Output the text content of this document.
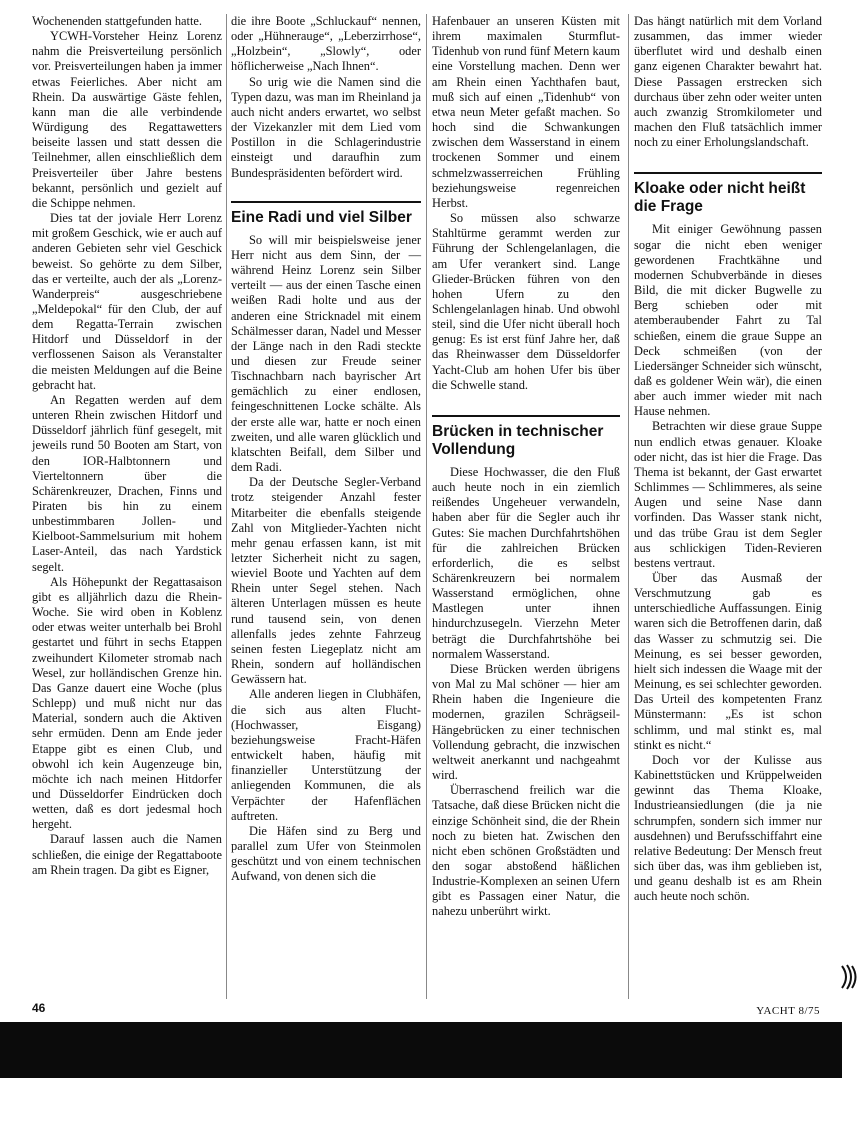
Wochenenden stattgefunden hatte.

YCWH-Vorsteher Heinz Lorenz nahm die Preisverteilung persönlich vor. Preisverteilungen haben ja immer etwas Feierliches. Aber nicht am Rhein. Da auswärtige Gäste fehlen, kann man die alle verbindende Würdigung des Regattawetters beiseite lassen und statt dessen die Teilnehmer, allen einschließlich dem Preisverteiler über Jahre bestens bekannt, persönlich und gezielt auf die Schippe nehmen.

Dies tat der joviale Herr Lorenz mit großem Geschick, wie er auch auf anderen Gebieten sehr viel Geschick beweist. So gehörte zu dem Silber, das er verteilte, auch der als „Lorenz-Wanderpreis“ ausgeschriebene „Meldepokal“ für den Club, der auf dem Regatta-Terrain zwischen Hitdorf und Düsseldorf in der verflossenen Saison als Veranstalter die meisten Meldungen auf die Beine gebracht hat.

An Regatten werden auf dem unteren Rhein zwischen Hitdorf und Düsseldorf jährlich fünf gesegelt, mit jeweils rund 50 Booten am Start, von den IOR-Halbtonnern und Vierteltonnern über die Schärenkreuzer, Drachen, Finns und Piraten bis hin zu einem unbestimmbaren Jollen- und Kielboot-Sammelsurium mit hohem Laser-Anteil, das nach Yardstick segelt.

Als Höhepunkt der Regattasaison gibt es alljährlich dazu die Rhein-Woche. Sie wird oben in Koblenz oder etwas weiter unterhalb bei Brohl gestartet und führt in sechs Etappen zweihundert Kilometer stromab nach Wesel, zur holländischen Grenze hin. Das Ganze dauert eine Woche (plus Schlepp) und muß nicht nur das Material, sondern auch die Aktiven sehr ermüden. Denn am Ende jeder Etappe gibt es einen Club, und obwohl ich kein Augenzeuge bin, möchte ich nach meinen Hitdorfer und Düsseldorfer Eindrücken doch wetten, daß es dort jedesmal hoch hergeht.

Darauf lassen auch die Namen schließen, die einige der Regattaboote am Rhein tragen. Da gibt es Eigner,

die ihre Boote „Schluckauf“ nennen, oder „Hühnerauge“, „Leberzirrhose“, „Holzbein“, „Slowly“, oder höflicherweise „Nach Ihnen“.

So urig wie die Namen sind die Typen dazu, was man im Rheinland ja auch nicht anders erwartet, wo selbst der Vizekanzler mit dem Lied vom Postillon in die Schlagerindustrie einsteigt und daraufhin zum Bundespräsidenten befördert wird.

Eine Radi und viel Silber

So will mir beispielsweise jener Herr nicht aus dem Sinn, der — während Heinz Lorenz sein Silber verteilt — aus der einen Tasche einen weißen Radi holte und aus der anderen eine Stricknadel mit einem Schälmesser daran, Nadel und Messer der Länge nach in den Radi steckte und diesen zur Freude seiner Tischnachbarn nach bayrischer Art gemächlich zu einer endlosen, feingeschnittenen Locke schälte. Als der erste alle war, hatte er noch einen zweiten, und alle waren glücklich und klatschten Beifall, dem Silber und dem Radi.

Da der Deutsche Segler-Verband trotz steigender Anzahl fester Mitarbeiter die ebenfalls steigende Zahl von Mitglieder-Yachten nicht mehr genau erfassen kann, ist mit letzter Sicherheit nicht zu sagen, wieviel Boote und Yachten auf dem Rhein unter Segel stehen. Nach älteren Unterlagen müssen es heute rund tausend sein, von denen allenfalls jedes zehnte Fahrzeug seinen festen Liegeplatz nicht am Rhein, sondern auf holländischen Gewässern hat.

Alle anderen liegen in Clubhäfen, die sich aus alten Flucht- (Hochwasser, Eisgang) beziehungsweise Fracht-Häfen entwickelt haben, häufig mit finanzieller Unterstützung der anliegenden Kommunen, die als Verpächter der Hafenflächen auftreten.

Die Häfen sind zu Berg und parallel zum Ufer von Steinmolen geschützt und von einem technischen Aufwand, von denen sich die

Hafenbauer an unseren Küsten mit ihrem maximalen Sturmflut-Tidenhub von rund fünf Metern kaum eine Vorstellung machen. Denn wer am Rhein einen Yachthafen baut, muß sich auf einen „Tidenhub“ von etwa neun Meter gefaßt machen. So hoch sind die Schwankungen zwischen dem Wasserstand in einem trockenen Sommer und einem schmelzwasserreichen Frühling beziehungsweise regenreichen Herbst.

So müssen also schwarze Stahltürme gerammt werden zur Führung der Schlengelanlagen, die am Ufer verankert sind. Lange Glieder-Brücken führen von den hohen Ufern zu den Schlengelanlagen hinab. Und obwohl steil, sind die Ufer nicht überall hoch genug: Es ist erst fünf Jahre her, daß das Rheinwasser dem Düsseldorfer Yacht-Club am hohen Ufer bis über die Schwelle stand.

Brücken in technischer Vollendung

Diese Hochwasser, die den Fluß auch heute noch in ein ziemlich reißendes Ungeheuer verwandeln, haben aber für die Segler auch ihr Gutes: Sie machen Durchfahrtshöhen für die zahlreichen Brücken erforderlich, die es selbst Schärenkreuzern bei normalem Wasserstand ermöglichen, ohne Mastlegen unter ihnen hindurchzusegeln. Vierzehn Meter beträgt die Durchfahrtshöhe bei normalem Wasserstand.

Diese Brücken werden übrigens von Mal zu Mal schöner — hier am Rhein haben die Ingenieure die modernen, grazilen Schrägseil-Hängebrücken zu einer technischen Vollendung gebracht, die inzwischen weltweit anerkannt und nachgeahmt wird.

Überraschend freilich war die Tatsache, daß diese Brücken nicht die einzige Schönheit sind, die der Rhein noch zu bieten hat. Zwischen den nicht eben schönen Großstädten und den sogar abstoßend häßlichen Industrie-Komplexen an seinen Ufern gibt es Passagen einer Natur, die nahezu unberührt wirkt.

Das hängt natürlich mit dem Vorland zusammen, das immer wieder überflutet wird und deshalb einen ganz eigenen Charakter bewahrt hat. Diese Passagen erstrecken sich durchaus über zehn oder weiter unten auch zwanzig Stromkilometer und machen den Fluß tatsächlich immer noch zu einer Erholungslandschaft.

Kloake oder nicht heißt die Frage

Mit einiger Gewöhnung passen sogar die nicht eben weniger gewordenen Frachtkähne und modernen Schubverbände in dieses Bild, die mit dicker Bugwelle zu Berg schieben oder mit atemberaubender Fahrt zu Tal schießen, einem die graue Suppe an Deck schmeißen (von der Liedersänger Schneider sich wünscht, daß es goldener Wein wär), die einen aber auch immer wieder mit nach Hause nehmen.

Betrachten wir diese graue Suppe nun endlich etwas genauer. Kloake oder nicht, das ist hier die Frage. Das Thema ist bekannt, der Gast erwartet Schlimmes — Schlimmeres, als seine Augen und seine Nase dann vorfinden. Das Wasser stank nicht, und das trübe Grau ist dem Segler aus schlickigen Tiden-Revieren bestens vertraut.

Über das Ausmaß der Verschmutzung gab es unterschiedliche Auffassungen. Einig waren sich die Betroffenen darin, daß das Wasser zu schmutzig sei. Die Meinung, es sei besser geworden, hielt sich indessen die Waage mit der Meinung, es sei schlechter geworden. Das Urteil des kompetenten Franz Münstermann: „Es ist schon schlimm, und mal stinkt es, mal stinkt es nicht.“

Doch vor der Kulisse aus Kabinettstücken und Krüppelweiden gewinnt das Thema Kloake, Industrieansiedlungen (die ja nie schrumpfen, sondern sich immer nur ausdehnen) und Berufsschiffahrt eine relative Bedeutung: Der Mensch freut sich über das, was ihm geblieben ist, und geanu deshalb ist es am Rhein auch heute noch schön.

46	YACHT 8/75
